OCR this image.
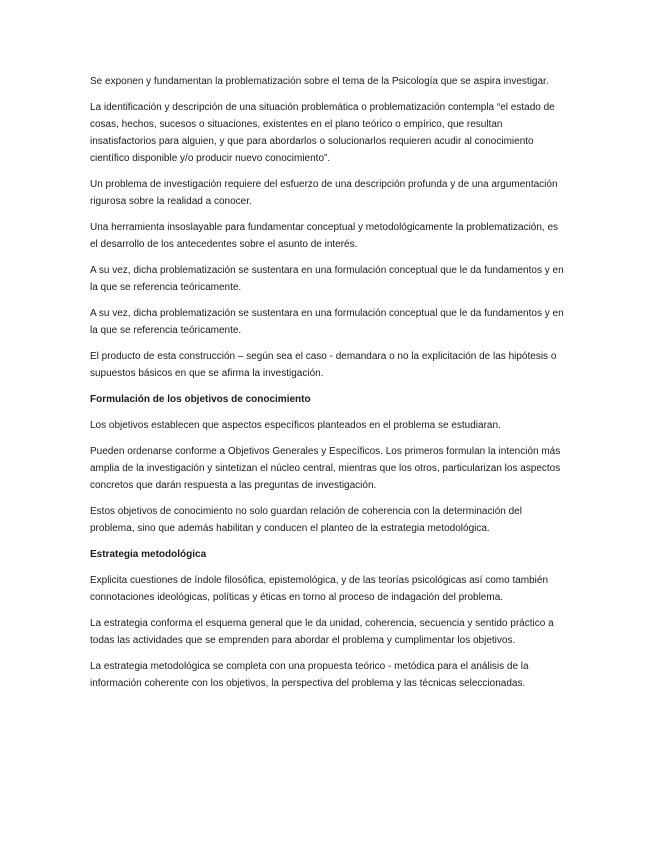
Se exponen y fundamentan la problematización sobre el tema de la Psicología que se aspira investigar.

La identificación y descripción de una situación problemática o problematización contempla “el estado de cosas, hechos, sucesos o situaciones, existentes en el plano teórico o empírico, que resultan insatisfactorios para alguien, y que para abordarlos o solucionarlos requieren acudir al conocimiento científico disponible y/o producir nuevo conocimiento”.

Un problema de investigación requiere del esfuerzo de una descripción profunda y de una argumentación rigurosa sobre la realidad a conocer.

Una herramienta insoslayable para fundamentar conceptual y metodológicamente la problematización, es el desarrollo de los antecedentes sobre el asunto de interés.

A su vez, dicha problematización se sustentara en una formulación conceptual que le da fundamentos y en la que se referencia teóricamente.

A su vez, dicha problematización se sustentara en una formulación conceptual que le da fundamentos y en la que se referencia teóricamente.

El producto de esta construcción – según sea el caso - demandara o no la explicitación de las hipótesis o supuestos básicos en que se afirma la investigación.

Formulación de los objetivos de conocimiento

Los objetivos establecen que aspectos específicos planteados en el problema se estudiaran.

Pueden ordenarse conforme a Objetivos Generales y Específicos. Los primeros formulan la intención más amplia de la investigación y sintetizan el núcleo central, mientras que los otros, particularizan los aspectos concretos que darán respuesta a las preguntas de investigación.

Estos objetivos de conocimiento no solo guardan relación de coherencia con la determinación del problema, sino que además habilitan y conducen el planteo de la estrategia metodológica.

Estrategia metodológica

Explicita cuestiones de índole filosófica, epistemológica, y de las teorías psicológicas así como también connotaciones ideológicas, políticas y éticas en torno al proceso de indagación del problema.

La estrategia conforma el esquema general que le da unidad, coherencia, secuencia y sentido práctico a todas las actividades que se emprenden para abordar el problema y cumplimentar los objetivos.

La estrategia metodológica se completa con una propuesta teórico - metódica para el análisis de la información coherente con los objetivos, la perspectiva del problema y las técnicas seleccionadas.
